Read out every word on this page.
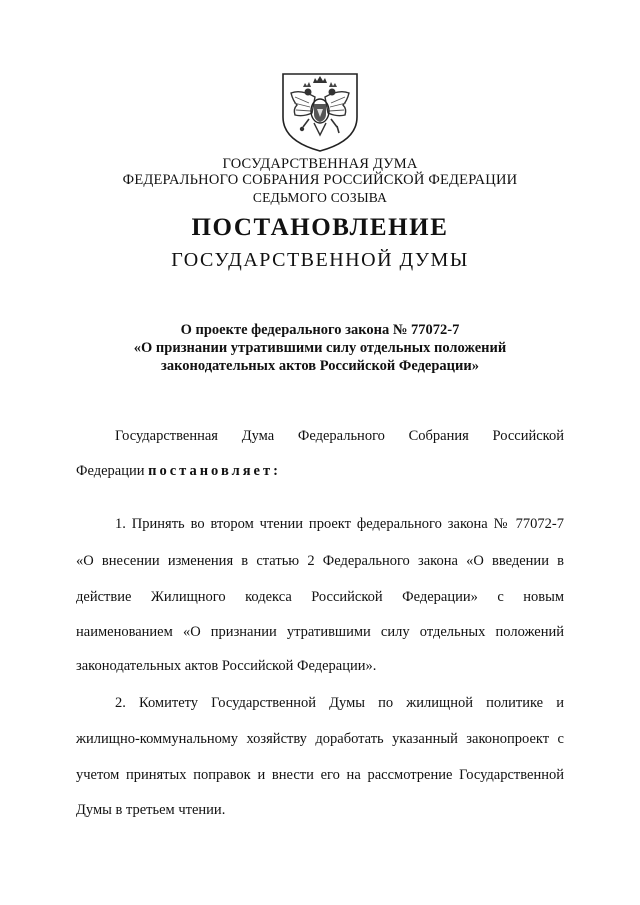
ГОСУДАРСТВЕННАЯ ДУМА
ФЕДЕРАЛЬНОГО СОБРАНИЯ РОССИЙСКОЙ ФЕДЕРАЦИИ
СЕДЬМОГО СОЗЫВА
ПОСТАНОВЛЕНИЕ
ГОСУДАРСТВЕННОЙ ДУМЫ
О проекте федерального закона № 77072-7
«О признании утратившими силу отдельных положений
законодательных актов Российской Федерации»
Государственная Дума Федерального Собрания Российской
Федерации постановляет:
1. Принять во втором чтении проект федерального закона № 77072-7
«О внесении изменения в статью 2 Федерального закона «О введении в
действие Жилищного кодекса Российской Федерации» с новым
наименованием «О признании утратившими силу отдельных положений
законодательных актов Российской Федерации».
2. Комитету Государственной Думы по жилищной политике и
жилищно-коммунальному хозяйству доработать указанный законопроект с
учетом принятых поправок и внести его на рассмотрение Государственной
Думы в третьем чтении.
